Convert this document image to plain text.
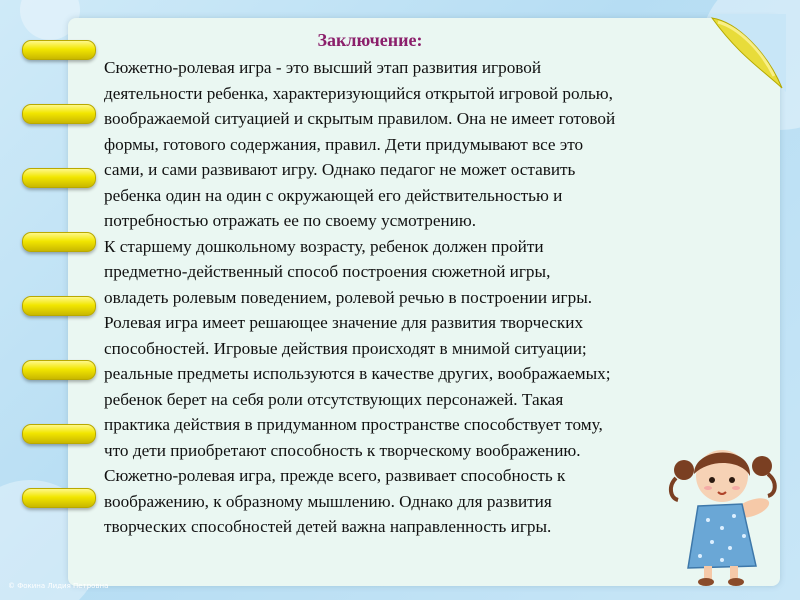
Заключение:

Сюжетно-ролевая игра - это высший этап развития игровой
деятельности ребенка, характеризующийся открытой игровой ролью,
воображаемой ситуацией и скрытым правилом. Она не имеет готовой
формы, готового содержания, правил. Дети придумывают все это
сами, и сами развивают игру. Однако педагог не может оставить
ребенка один на один с окружающей его действительностью и
потребностью отражать ее по своему усмотрению.
К старшему дошкольному возрасту, ребенок должен пройти
предметно-действенный способ построения сюжетной игры,
овладеть ролевым поведением, ролевой речью в построении игры.
Ролевая игра имеет решающее значение для развития творческих
способностей. Игровые действия происходят в мнимой ситуации;
реальные предметы используются в качестве других, воображаемых;
ребенок берет на себя роли отсутствующих персонажей. Такая
практика действия в придуманном пространстве способствует тому,
что дети приобретают способность к творческому воображению.
Сюжетно-ролевая игра, прежде всего, развивает способность к
воображению, к образному мышлению. Однако для развития
творческих способностей детей важна направленность игры.

© Фокина Лидия Петровна
